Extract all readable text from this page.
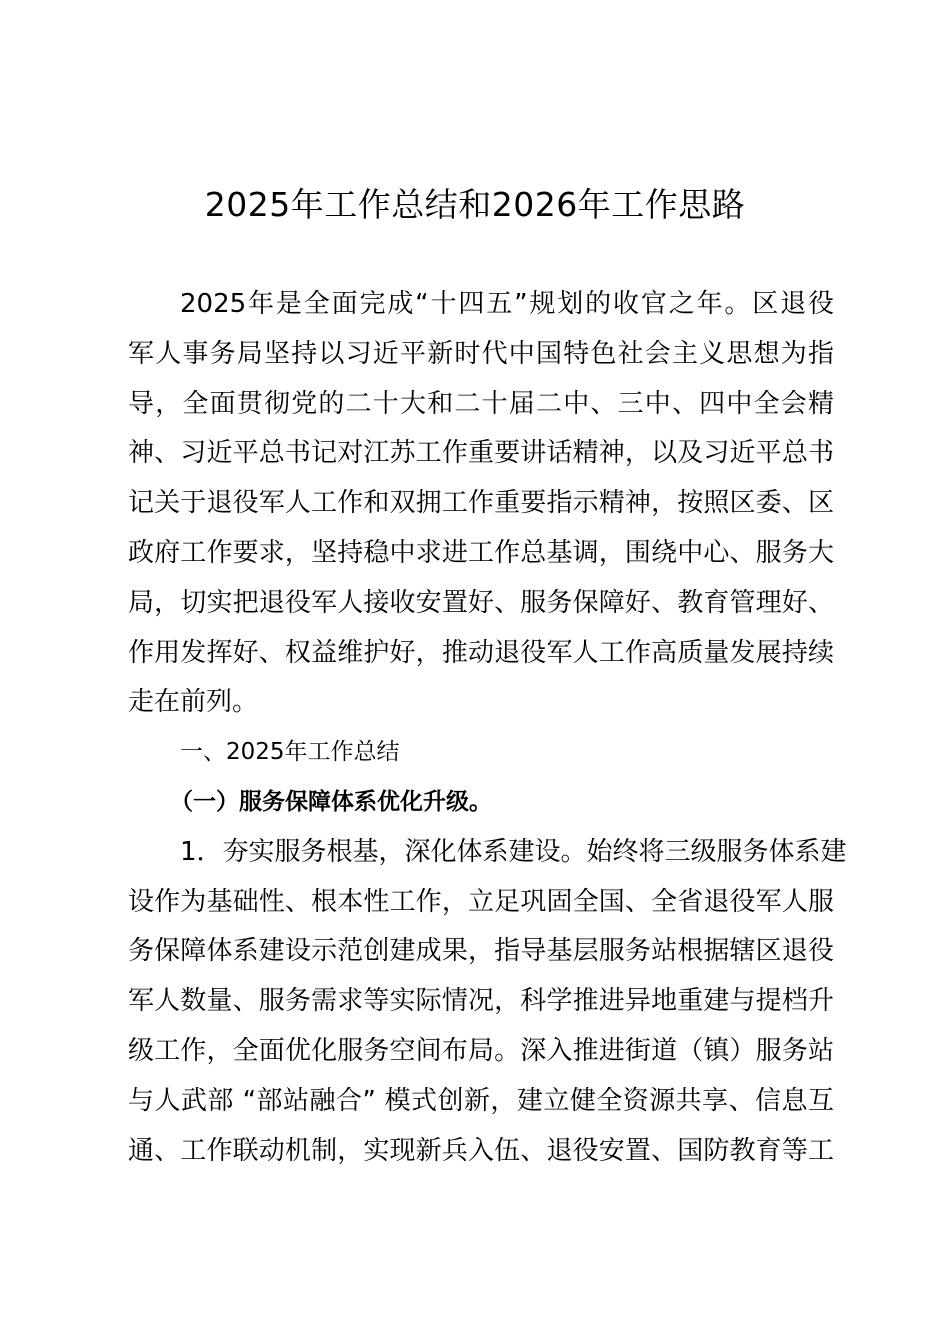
2025年工作总结和2026年工作思路
2025年是全面完成“十四五”规划的收官之年。区退役
军人事务局坚持以习近平新时代中国特色社会主义思想为指
导，全面贯彻党的二十大和二十届二中、三中、四中全会精
神、习近平总书记对江苏工作重要讲话精神，以及习近平总书
记关于退役军人工作和双拥工作重要指示精神，按照区委、区
政府工作要求，坚持稳中求进工作总基调，围绕中心、服务大
局，切实把退役军人接收安置好、服务保障好、教育管理好、
作用发挥好、权益维护好，推动退役军人工作高质量发展持续
走在前列。
一、2025年工作总结
（一）服务保障体系优化升级。
1．夯实服务根基，深化体系建设。始终将三级服务体系建
设作为基础性、根本性工作，立足巩固全国、全省退役军人服
务保障体系建设示范创建成果，指导基层服务站根据辖区退役
军人数量、服务需求等实际情况，科学推进异地重建与提档升
级工作，全面优化服务空间布局。深入推进街道（镇）服务站
与人武部 “部站融合” 模式创新，建立健全资源共享、信息互
通、工作联动机制，实现新兵入伍、退役安置、国防教育等工
